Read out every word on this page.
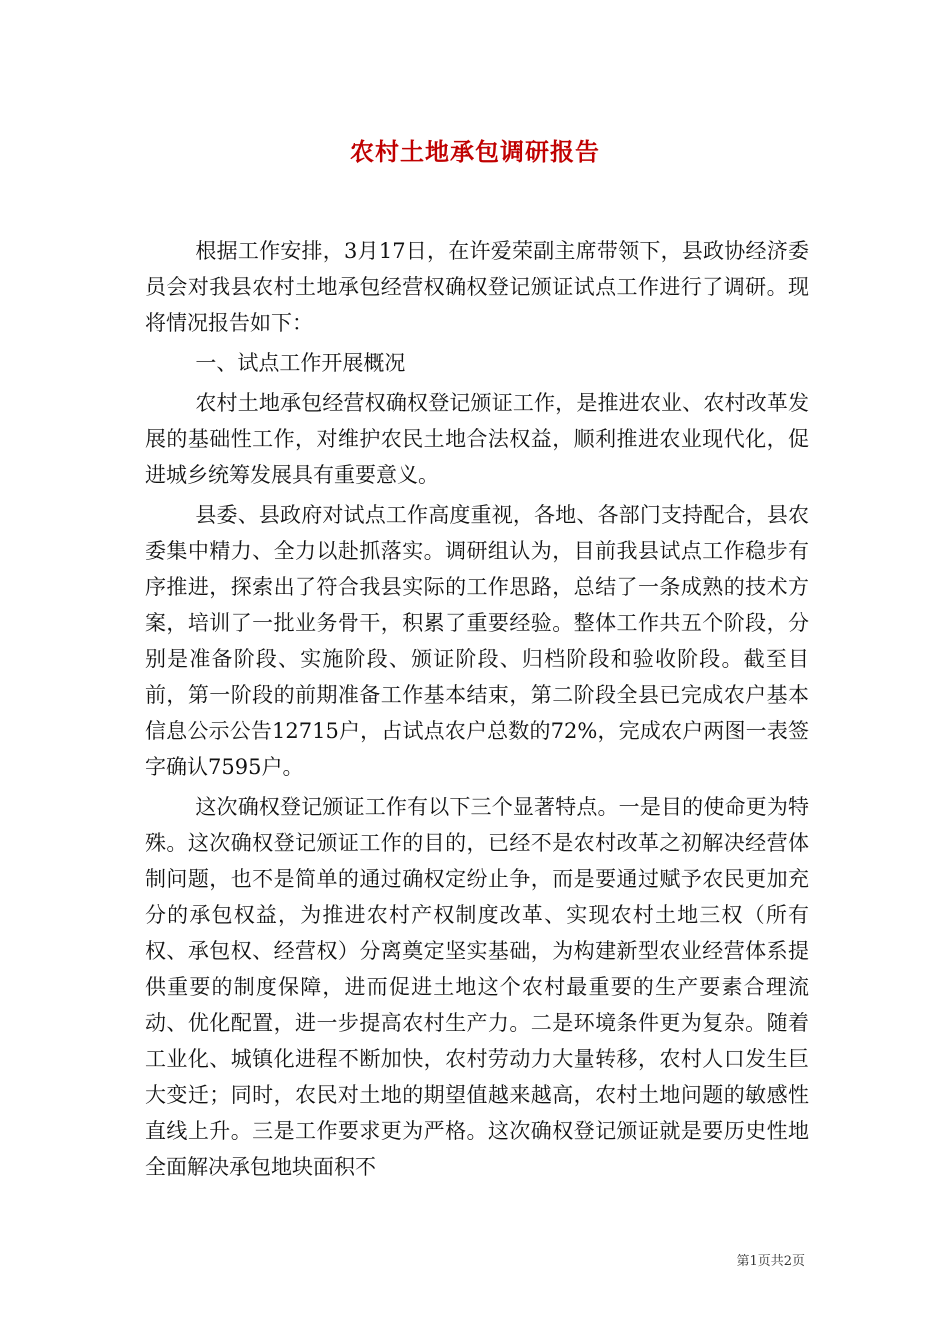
农村土地承包调研报告

根据工作安排，3月17日，在许爱荣副主席带领下，县政协经济委员会对我县农村土地承包经营权确权登记颁证试点工作进行了调研。现将情况报告如下：

一、试点工作开展概况

农村土地承包经营权确权登记颁证工作，是推进农业、农村改革发展的基础性工作，对维护农民土地合法权益，顺利推进农业现代化，促进城乡统筹发展具有重要意义。

县委、县政府对试点工作高度重视，各地、各部门支持配合，县农委集中精力、全力以赴抓落实。调研组认为，目前我县试点工作稳步有序推进，探索出了符合我县实际的工作思路，总结了一条成熟的技术方案，培训了一批业务骨干，积累了重要经验。整体工作共五个阶段，分别是准备阶段、实施阶段、颁证阶段、归档阶段和验收阶段。截至目前，第一阶段的前期准备工作基本结束，第二阶段全县已完成农户基本信息公示公告12715户，占试点农户总数的72%，完成农户两图一表签字确认7595户。

这次确权登记颁证工作有以下三个显著特点。一是目的使命更为特殊。这次确权登记颁证工作的目的，已经不是农村改革之初解决经营体制问题，也不是简单的通过确权定纷止争，而是要通过赋予农民更加充分的承包权益，为推进农村产权制度改革、实现农村土地三权（所有权、承包权、经营权）分离奠定坚实基础，为构建新型农业经营体系提供重要的制度保障，进而促进土地这个农村最重要的生产要素合理流动、优化配置，进一步提高农村生产力。二是环境条件更为复杂。随着工业化、城镇化进程不断加快，农村劳动力大量转移，农村人口发生巨大变迁；同时，农民对土地的期望值越来越高，农村土地问题的敏感性直线上升。三是工作要求更为严格。这次确权登记颁证就是要历史性地全面解决承包地块面积不

第1页共2页
